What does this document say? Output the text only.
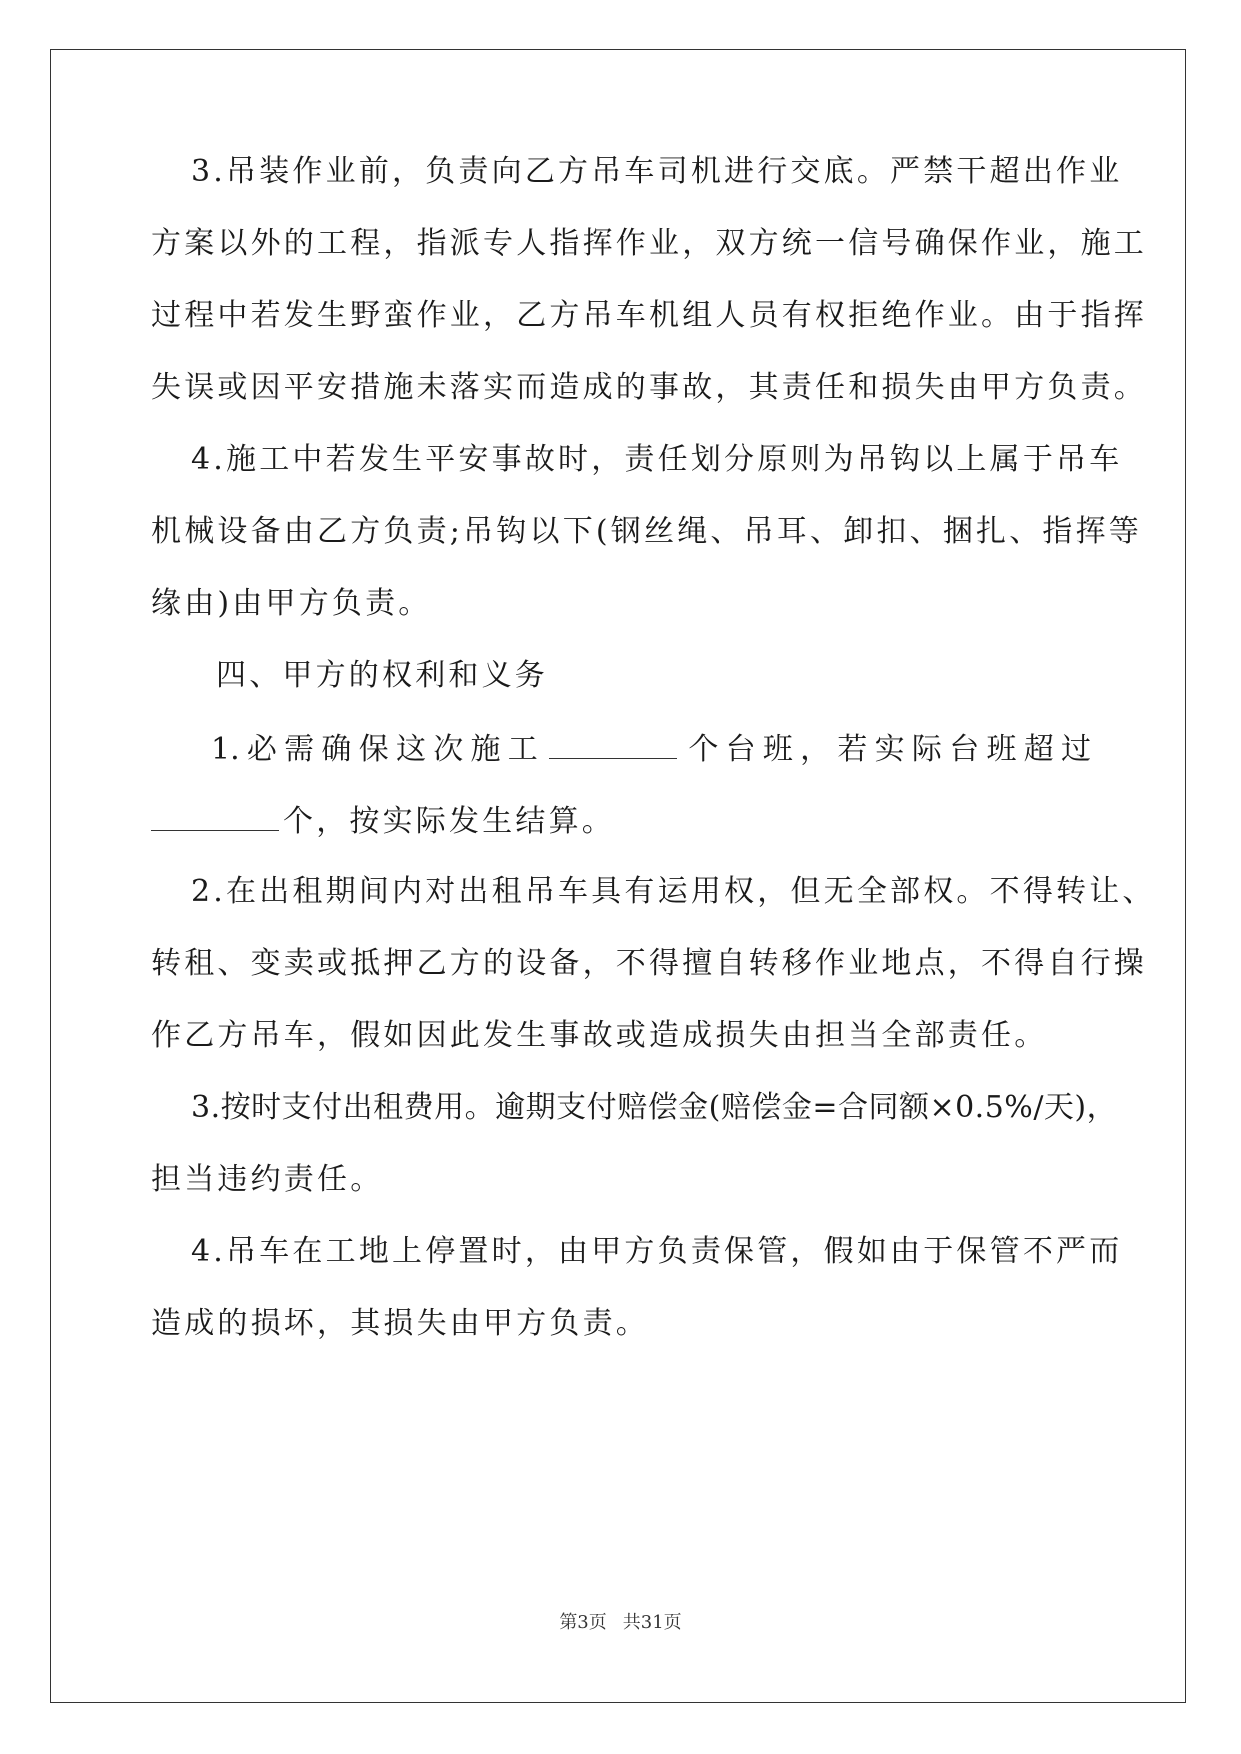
3.吊装作业前，负责向乙方吊车司机进行交底。严禁干超出作业
方案以外的工程，指派专人指挥作业，双方统一信号确保作业，施工
过程中若发生野蛮作业，乙方吊车机组人员有权拒绝作业。由于指挥
失误或因平安措施未落实而造成的事故，其责任和损失由甲方负责。
4.施工中若发生平安事故时，责任划分原则为吊钩以上属于吊车
机械设备由乙方负责;吊钩以下(钢丝绳、吊耳、卸扣、捆扎、指挥等
缘由)由甲方负责。
四、甲方的权利和义务
1.必需确保这次施工	个台班，若实际台班超过
个，按实际发生结算。
2.在出租期间内对出租吊车具有运用权，但无全部权。不得转让、
转租、变卖或抵押乙方的设备，不得擅自转移作业地点，不得自行操
作乙方吊车，假如因此发生事故或造成损失由担当全部责任。
3.按时支付出租费用。逾期支付赔偿金(赔偿金=合同额×0.5%/天)，
担当违约责任。
4.吊车在工地上停置时，由甲方负责保管，假如由于保管不严而
造成的损坏，其损失由甲方负责。
第3页 共31页
